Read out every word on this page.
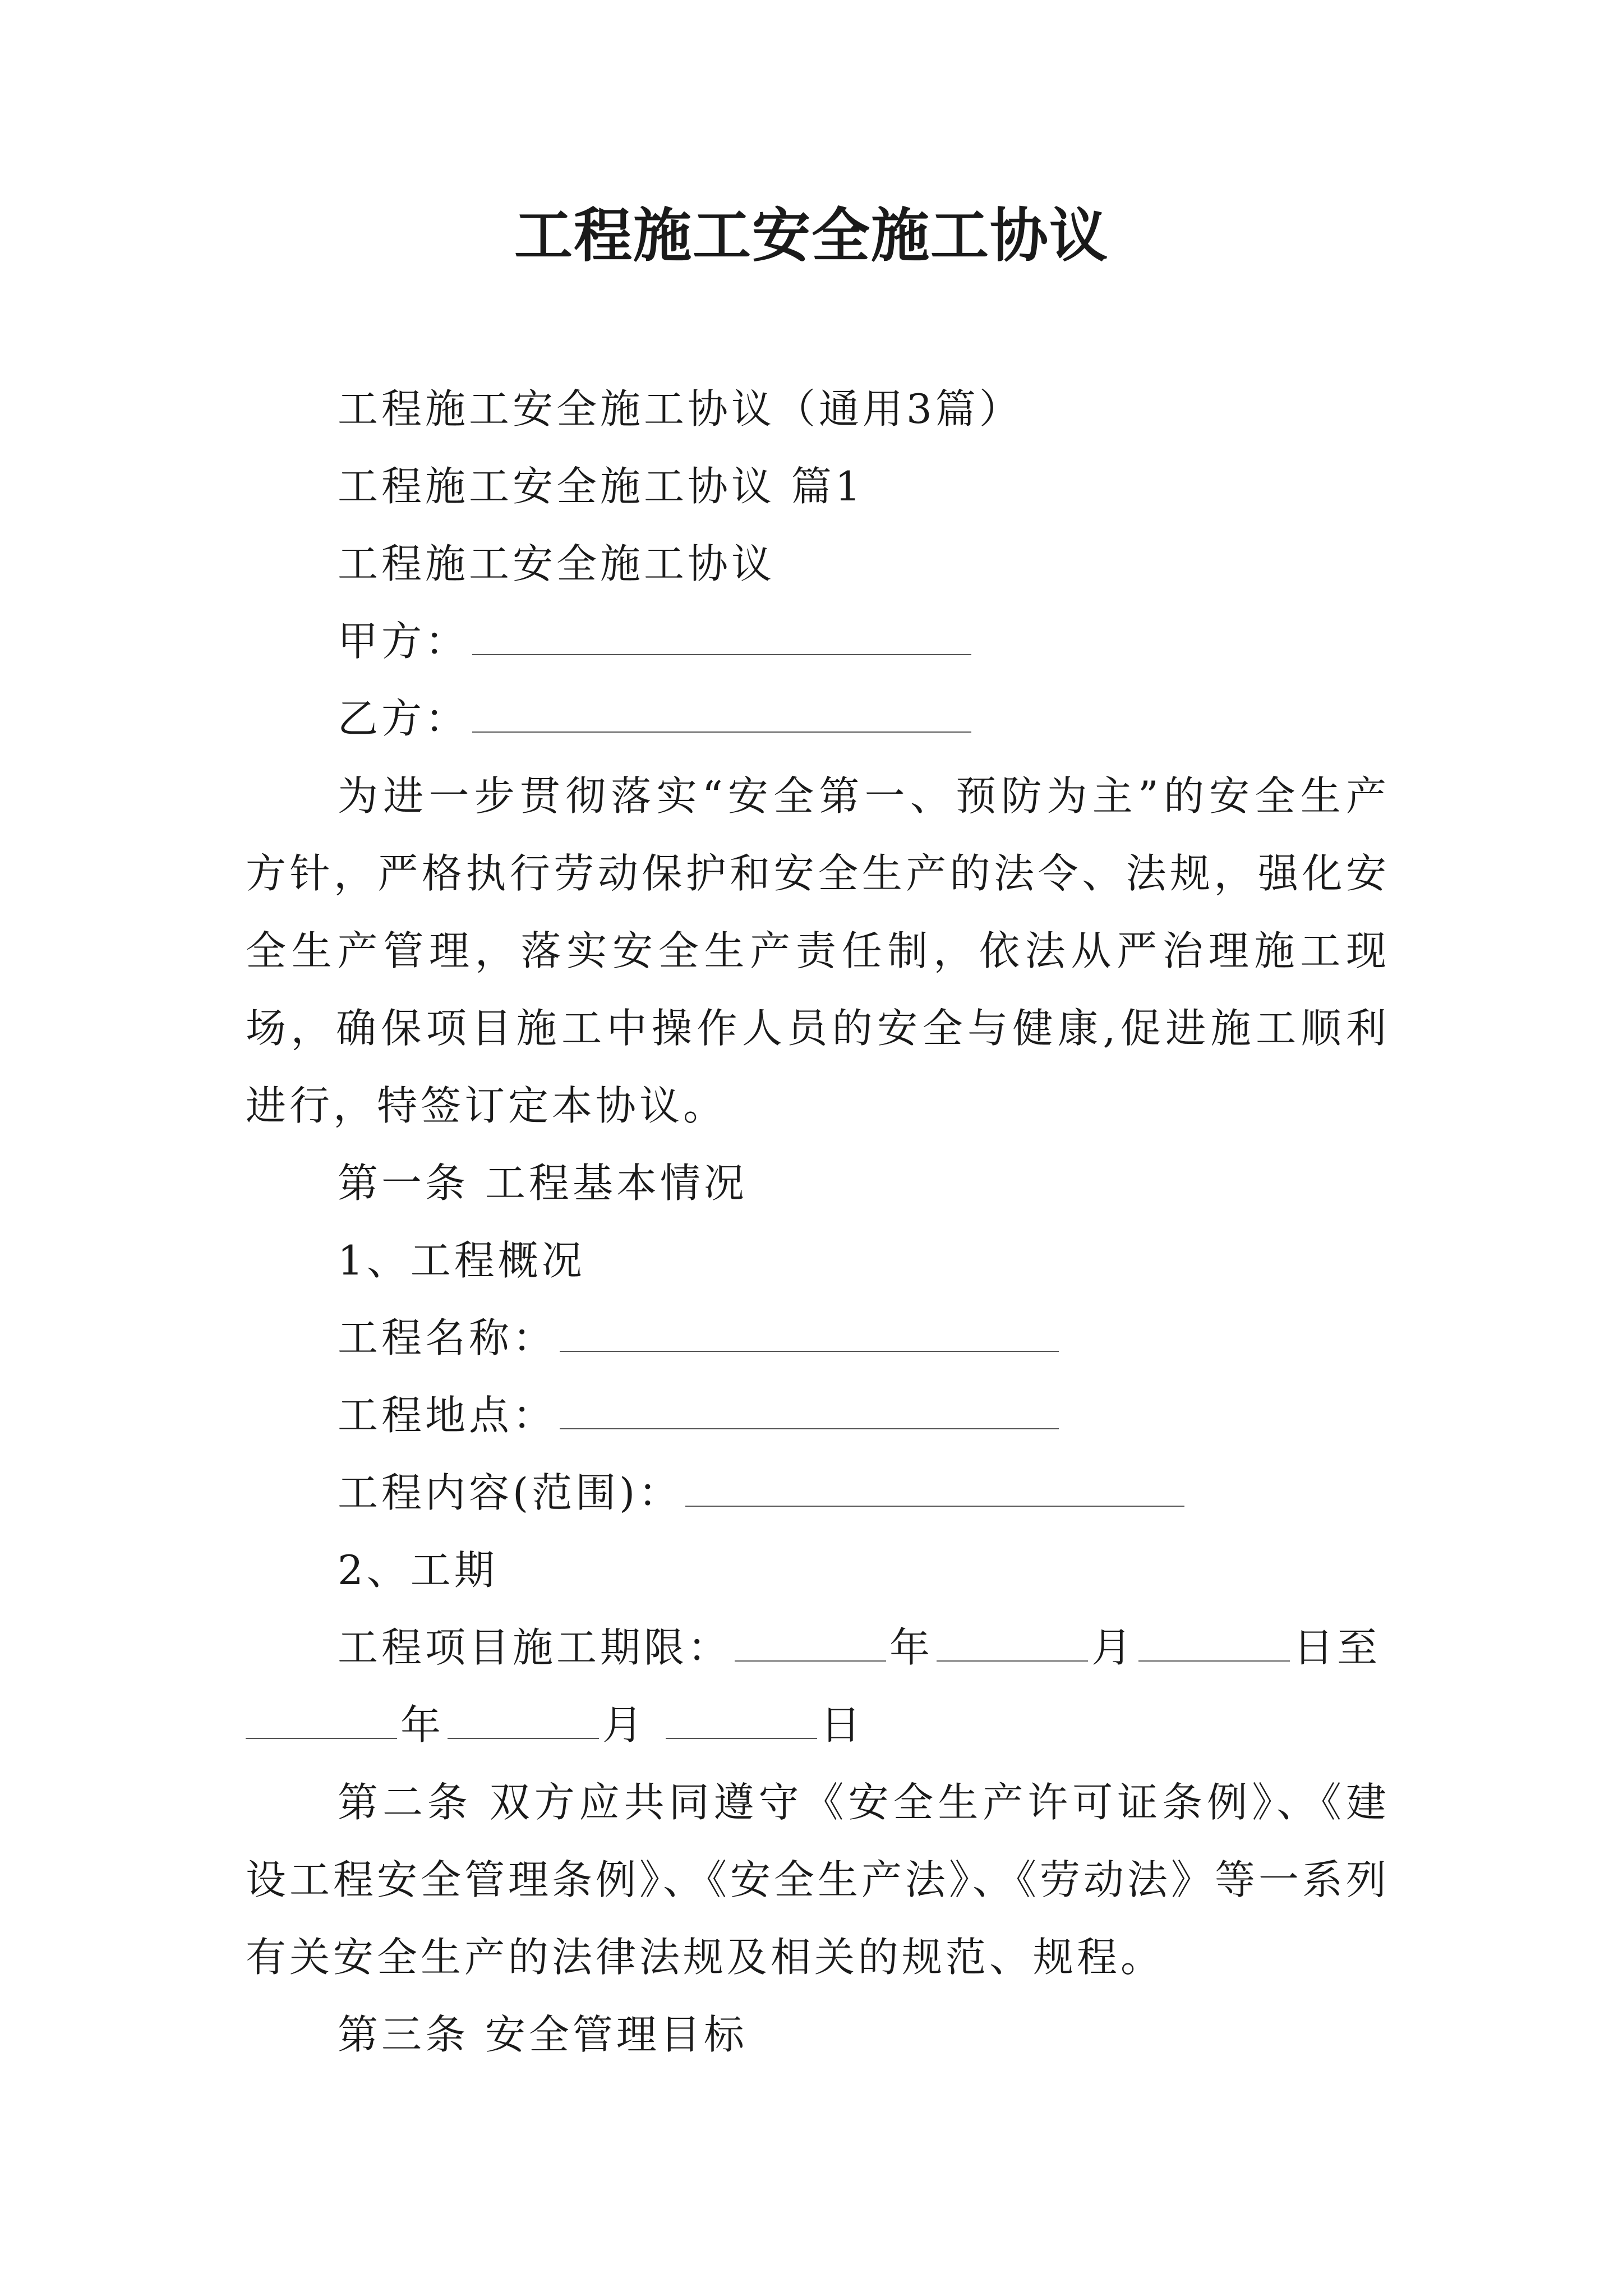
工程施工安全施工协议

工程施工安全施工协议（通用3篇）

工程施工安全施工协议 篇1

工程施工安全施工协议

甲方：

乙方：

为进一步贯彻落实“安全第一、预防为主”的安全生产方针，严格执行劳动保护和安全生产的法令、法规，强化安全生产管理，落实安全生产责任制，依法从严治理施工现场，确保项目施工中操作人员的安全与健康,促进施工顺利进行，特签订定本协议。

第一条 工程基本情况

1、工程概况

工程名称：

工程地点：

工程内容(范围)：

2、工期

工程项目施工期限：	年	月	日至

年	月	日

第二条 双方应共同遵守《安全生产许可证条例》、《建设工程安全管理条例》、《安全生产法》、《劳动法》等一系列有关安全生产的法律法规及相关的规范、规程。

第三条 安全管理目标
